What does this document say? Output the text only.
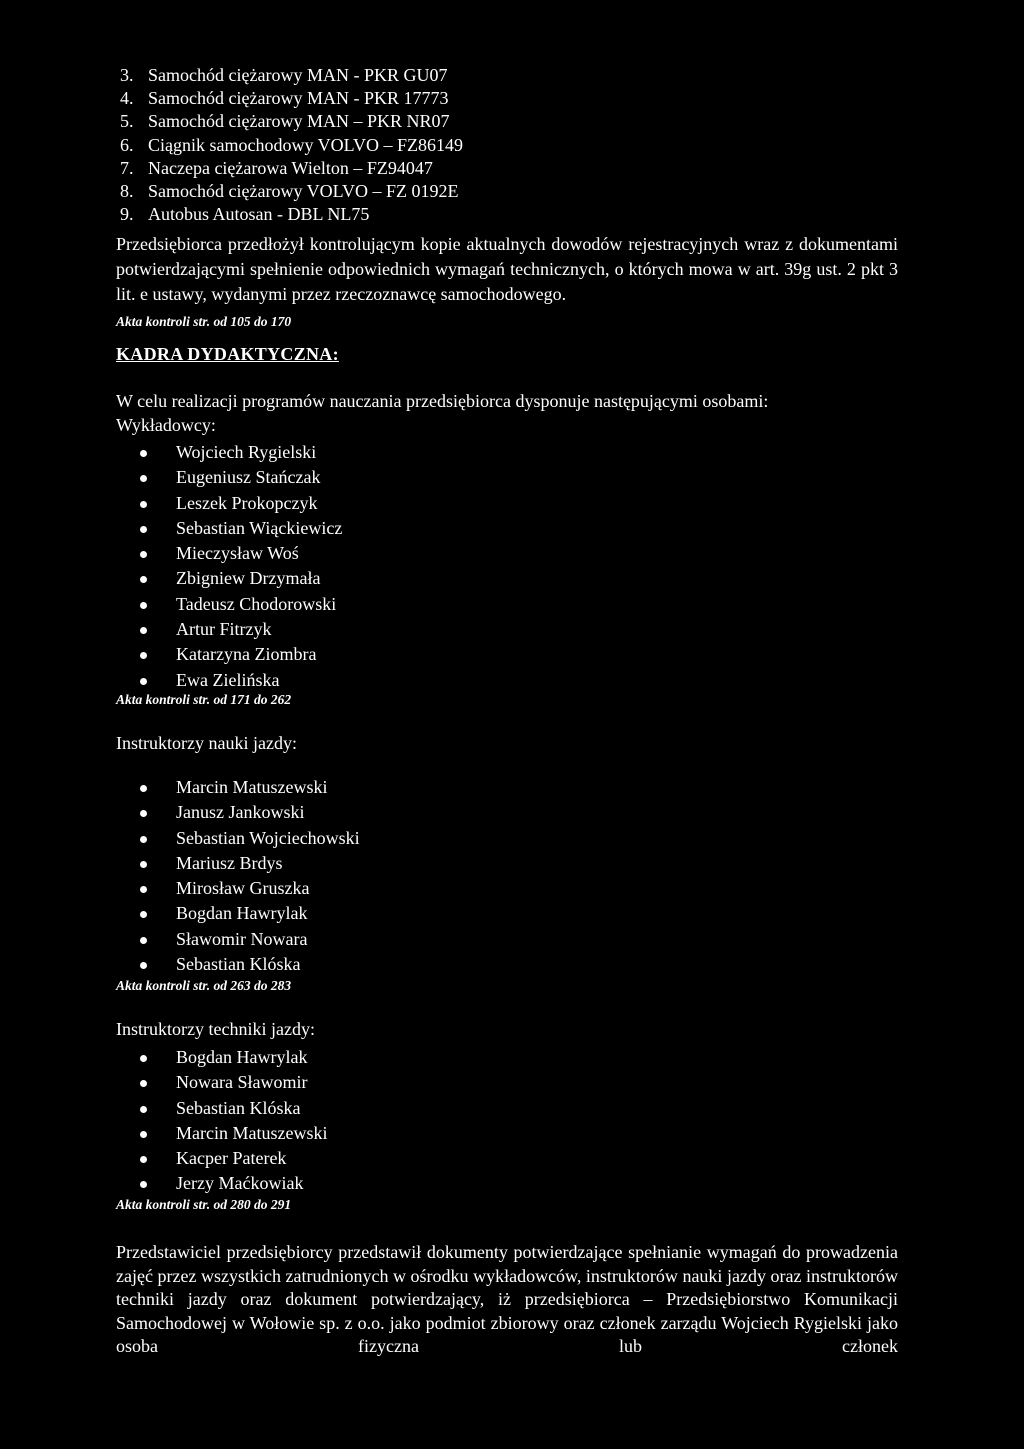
3. Samochód ciężarowy MAN - PKR GU07
4. Samochód ciężarowy MAN - PKR 17773
5. Samochód ciężarowy MAN – PKR NR07
6. Ciągnik samochodowy VOLVO – FZ86149
7. Naczepa ciężarowa Wielton – FZ94047
8. Samochód ciężarowy VOLVO – FZ 0192E
9. Autobus Autosan - DBL NL75
Przedsiębiorca przedłożył kontrolującym kopie aktualnych dowodów rejestracyjnych wraz z dokumentami potwierdzającymi spełnienie odpowiednich wymagań technicznych, o których mowa w art. 39g ust. 2 pkt 3 lit. e ustawy, wydanymi przez rzeczoznawcę samochodowego.
Akta kontroli str. od 105 do 170
KADRA DYDAKTYCZNA:
W celu realizacji programów nauczania przedsiębiorca dysponuje następującymi osobami:
Wykładowcy:
Wojciech Rygielski
Eugeniusz Stańczak
Leszek Prokopczyk
Sebastian Wiąckiewicz
Mieczysław Woś
Zbigniew Drzymała
Tadeusz Chodorowski
Artur Fitrzyk
Katarzyna Ziombra
Ewa Zielińska
Akta kontroli str. od 171 do 262
Instruktorzy nauki jazdy:
Marcin Matuszewski
Janusz Jankowski
Sebastian Wojciechowski
Mariusz Brdys
Mirosław Gruszka
Bogdan Hawrylak
Sławomir Nowara
Sebastian Klóska
Akta kontroli str. od 263 do 283
Instruktorzy techniki jazdy:
Bogdan Hawrylak
Nowara Sławomir
Sebastian Klóska
Marcin Matuszewski
Kacper Paterek
Jerzy Maćkowiak
Akta kontroli str. od 280 do 291
Przedstawiciel przedsiębiorcy przedstawił dokumenty potwierdzające spełnianie wymagań do prowadzenia zajęć przez wszystkich zatrudnionych w ośrodku wykładowców, instruktorów nauki jazdy oraz instruktorów techniki jazdy oraz dokument potwierdzający, iż przedsiębiorca – Przedsiębiorstwo Komunikacji Samochodowej w Wołowie sp. z o.o. jako podmiot zbiorowy oraz członek zarządu Wojciech Rygielski jako osoba fizyczna lub członek
